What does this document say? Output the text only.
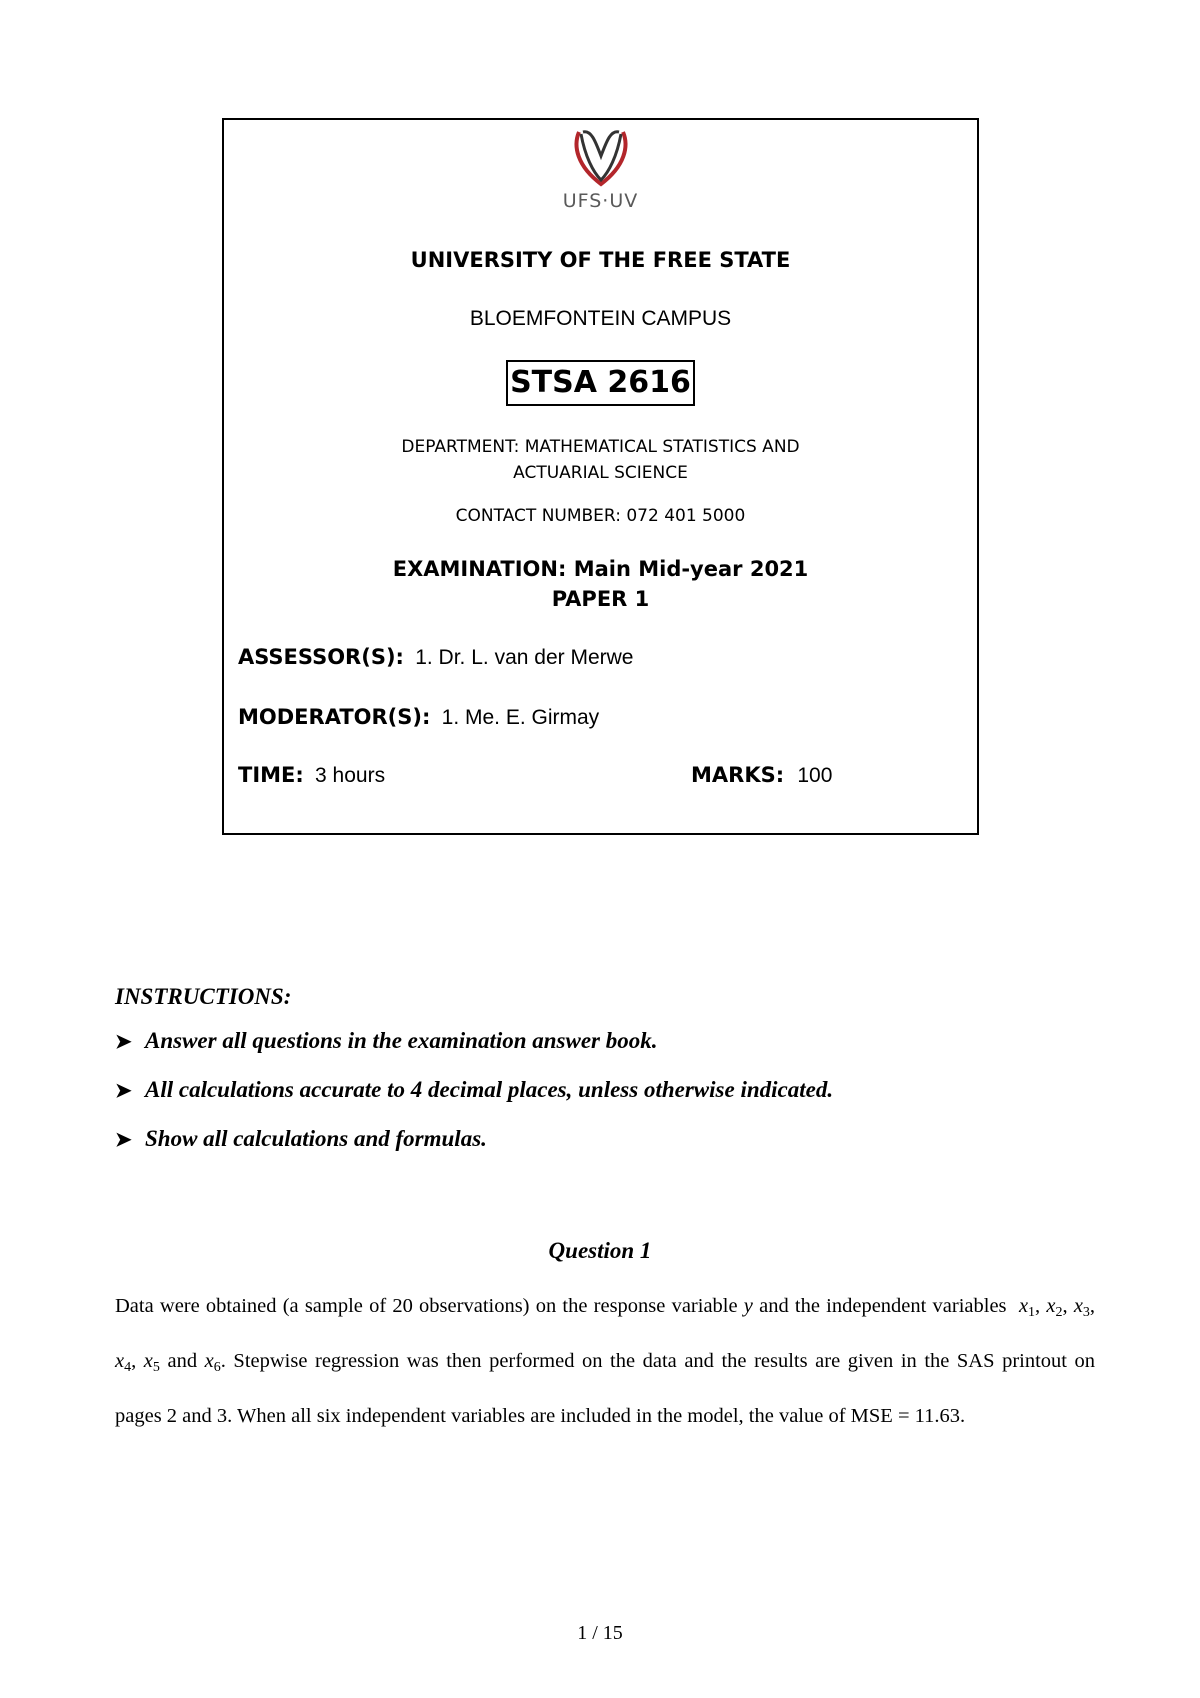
UFS·UV
UNIVERSITY OF THE FREE STATE
BLOEMFONTEIN CAMPUS
STSA 2616
DEPARTMENT: MATHEMATICAL STATISTICS AND
ACTUARIAL SCIENCE
CONTACT NUMBER: 072 401 5000
EXAMINATION: Main Mid-year 2021
PAPER 1
ASSESSOR(S): 1. Dr. L. van der Merwe
MODERATOR(S): 1. Me. E. Girmay
TIME: 3 hours	MARKS: 100
INSTRUCTIONS:
➤ Answer all questions in the examination answer book.
➤ All calculations accurate to 4 decimal places, unless otherwise indicated.
➤ Show all calculations and formulas.
Question 1
Data were obtained (a sample of 20 observations) on the response variable y and the independent variables $x_1$, $x_2$, $x_3$, $x_4$, $x_5$ and $x_6$. Stepwise regression was then performed on the data and the results are given in the SAS printout on pages 2 and 3. When all six independent variables are included in the model, the value of MSE = 11.63.
1 / 15
